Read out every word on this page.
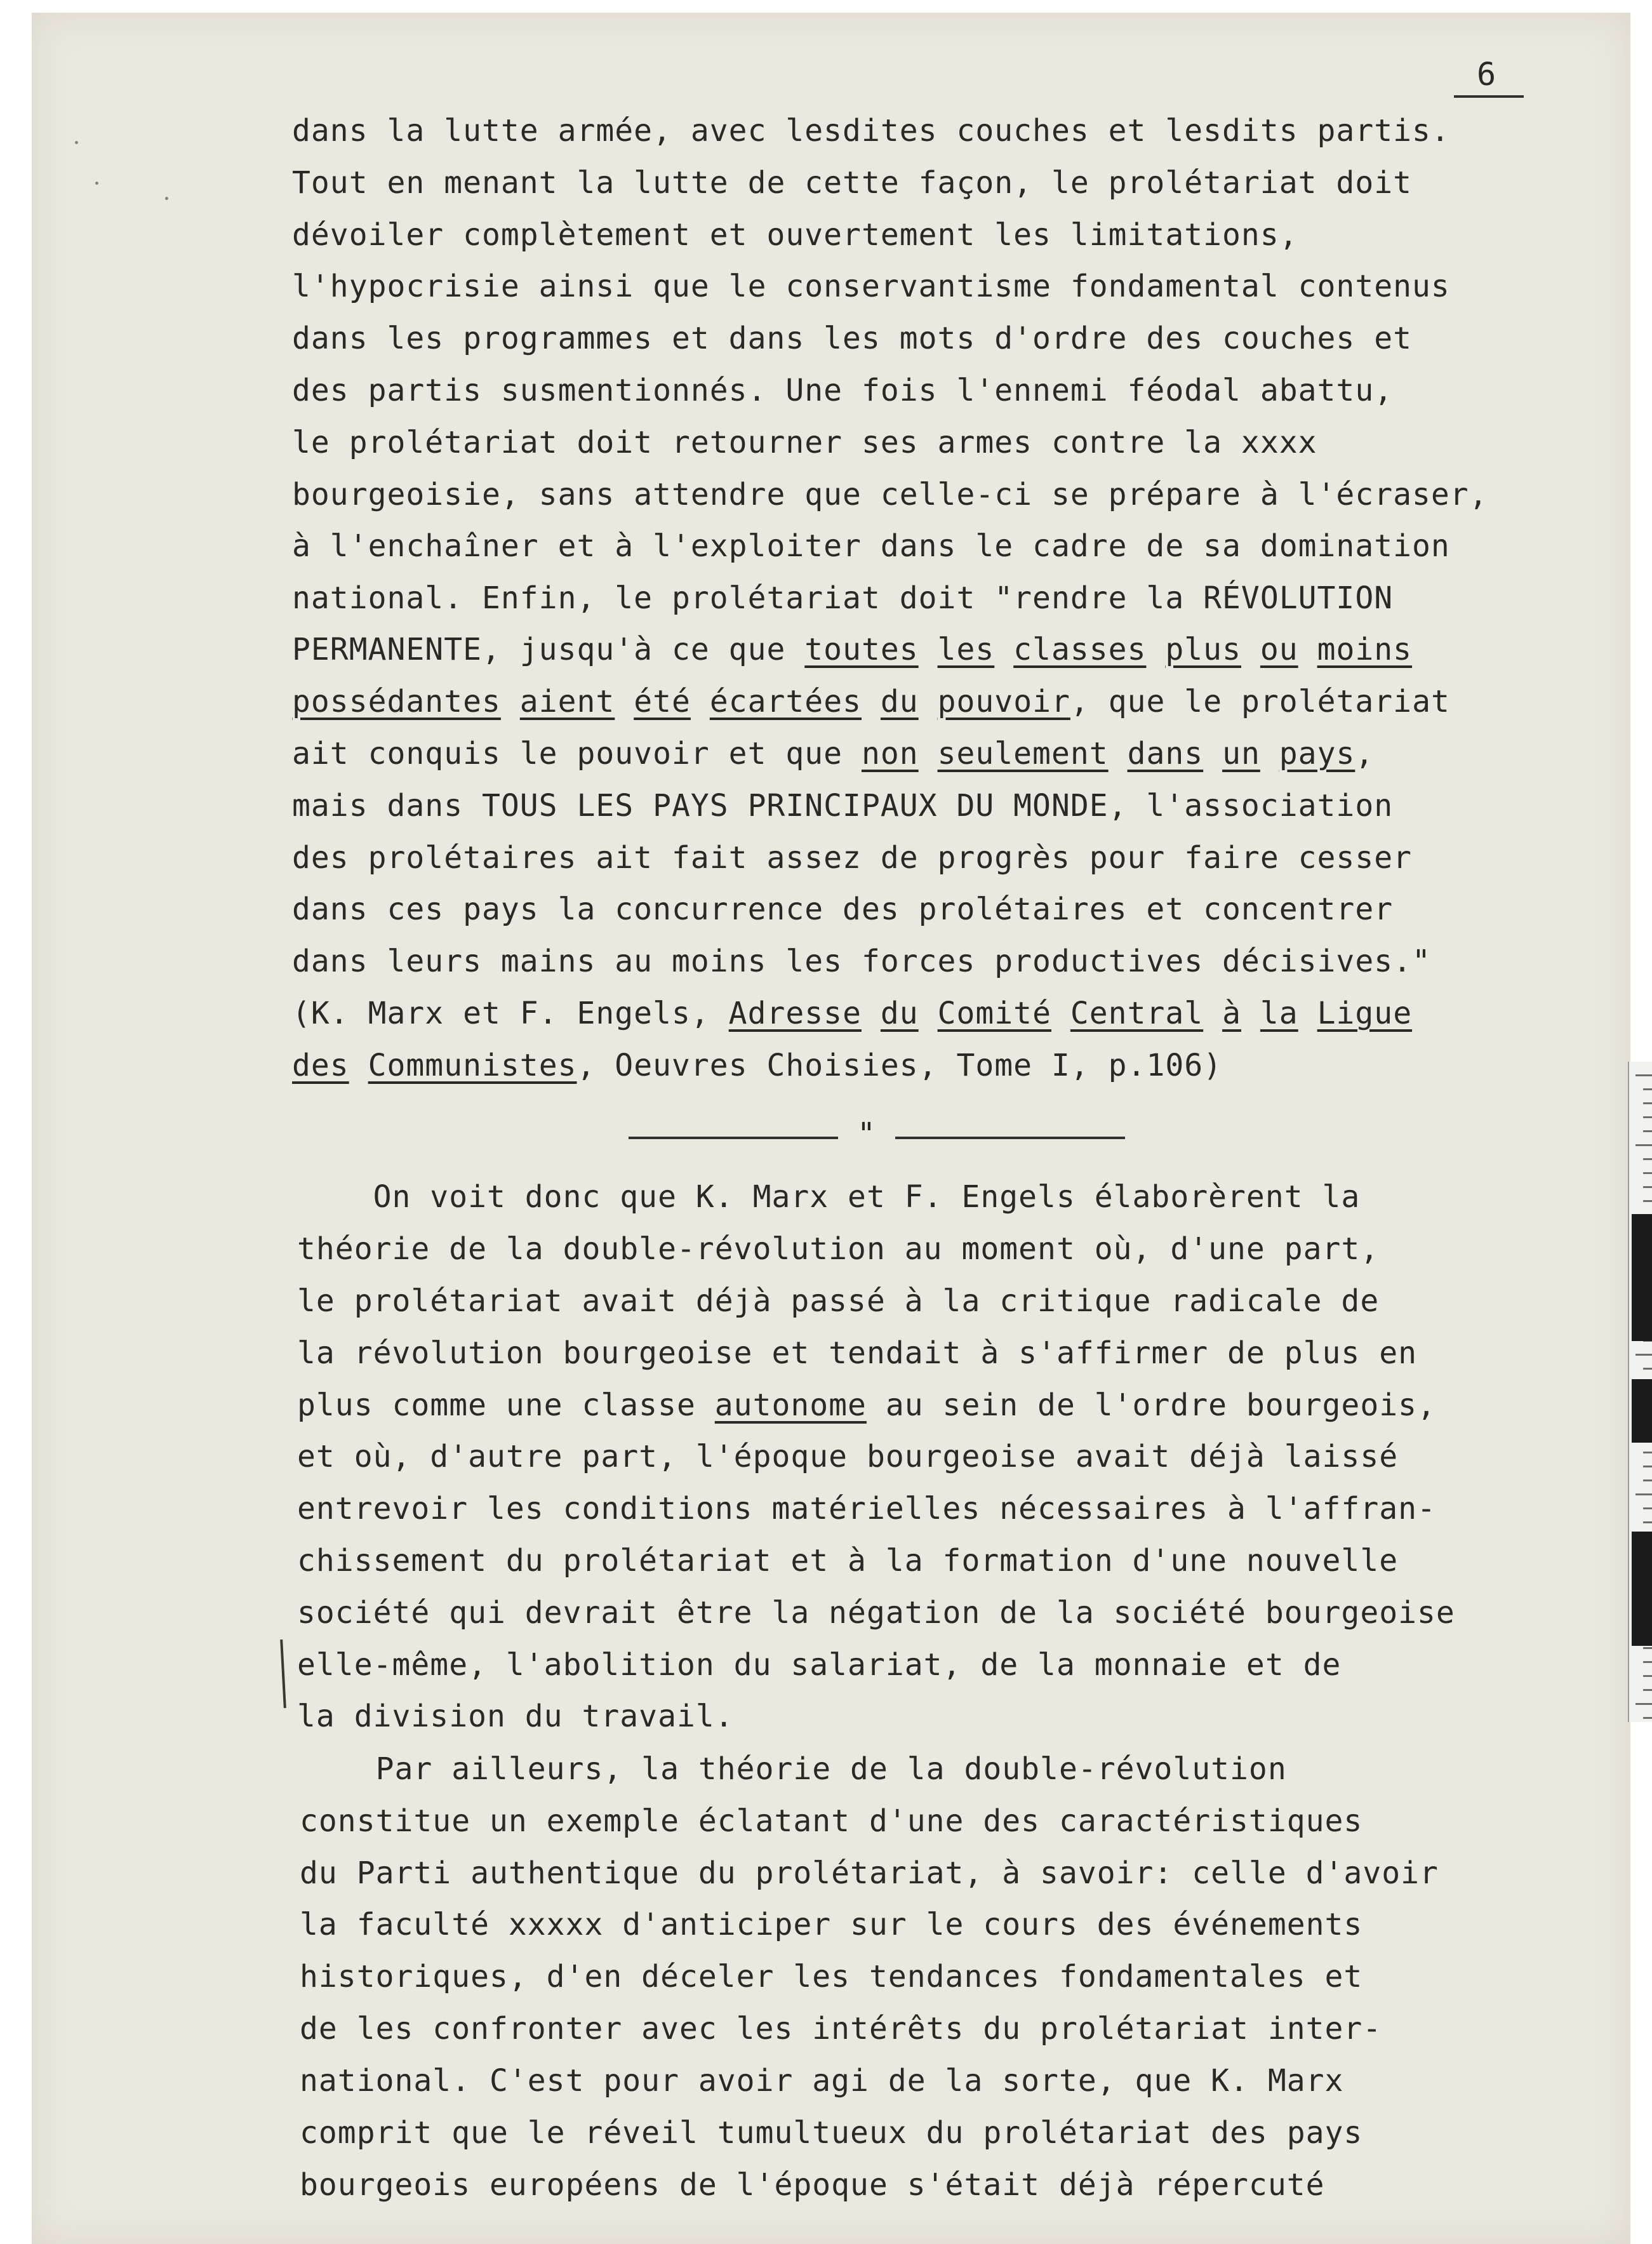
6
dans la lutte armée, avec lesdites couches et lesdits partis.
Tout en menant la lutte de cette façon, le prolétariat doit
dévoiler complètement et ouvertement les limitations,
l'hypocrisie ainsi que le conservantisme fondamental contenus
dans les programmes et dans les mots d'ordre des couches et
des partis susmentionnés. Une fois l'ennemi féodal abattu,
le prolétariat doit retourner ses armes contre la xxxx
bourgeoisie, sans attendre que celle-ci se prépare à l'écraser,
à l'enchaîner et à l'exploiter dans le cadre de sa domination
national. Enfin, le prolétariat doit "rendre la RÉVOLUTION
PERMANENTE, jusqu'à ce que toutes les classes plus ou moins
possédantes aient été écartées du pouvoir, que le prolétariat
ait conquis le pouvoir et que non seulement dans un pays,
mais dans TOUS LES PAYS PRINCIPAUX DU MONDE, l'association
des prolétaires ait fait assez de progrès pour faire cesser
dans ces pays la concurrence des prolétaires et concentrer
dans leurs mains au moins les forces productives décisives."
(K. Marx et F. Engels, Adresse du Comité Central à la Ligue
des Communistes, Oeuvres Choisies, Tome I, p.106)
On voit donc que K. Marx et F. Engels élaborèrent la
théorie de la double-révolution au moment où, d'une part,
le prolétariat avait déjà passé à la critique radicale de
la révolution bourgeoise et tendait à s'affirmer de plus en
plus comme une classe autonome au sein de l'ordre bourgeois,
et où, d'autre part, l'époque bourgeoise avait déjà laissé
entrevoir les conditions matérielles nécessaires à l'affran-
chissement du prolétariat et à la formation d'une nouvelle
société qui devrait être la négation de la société bourgeoise
elle-même, l'abolition du salariat, de la monnaie et de
la division du travail.
Par ailleurs, la théorie de la double-révolution
constitue un exemple éclatant d'une des caractéristiques
du Parti authentique du prolétariat, à savoir: celle d'avoir
la faculté xxxxx d'anticiper sur le cours des événements
historiques, d'en déceler les tendances fondamentales et
de les confronter avec les intérêts du prolétariat inter-
national. C'est pour avoir agi de la sorte, que K. Marx
comprit que le réveil tumultueux du prolétariat des pays
bourgeois européens de l'époque s'était déjà répercuté
"
